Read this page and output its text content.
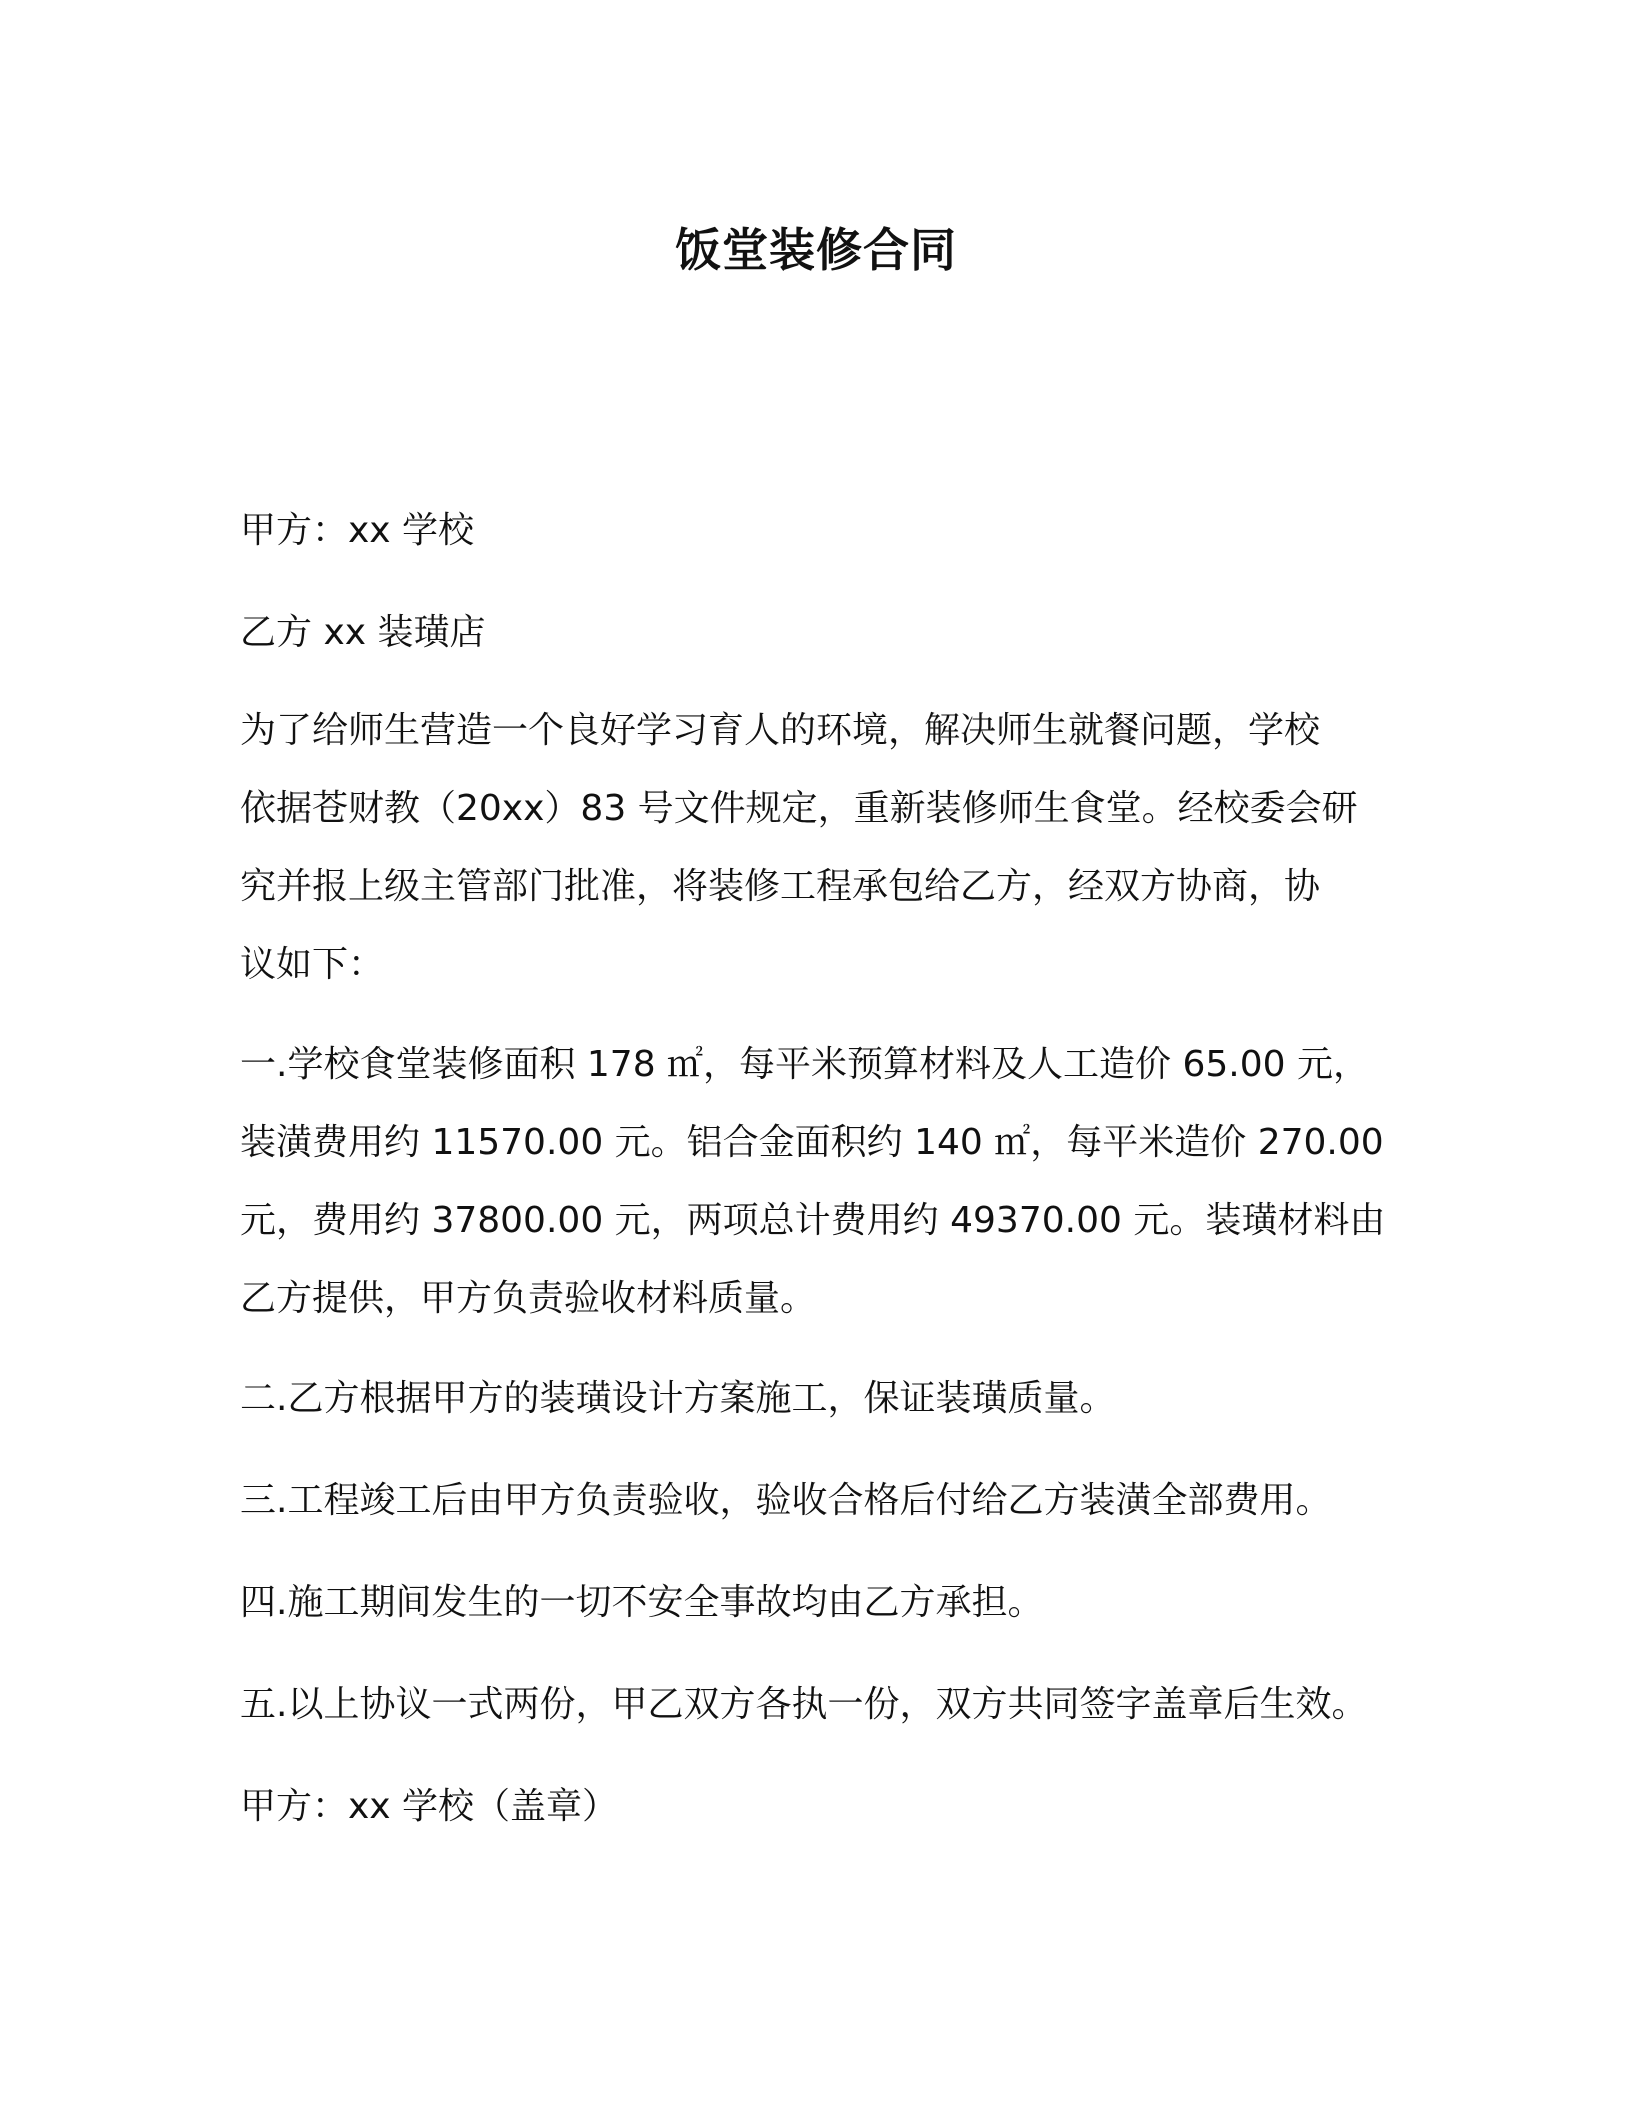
饭堂装修合同

甲方：xx 学校

乙方 xx 装璜店

为了给师生营造一个良好学习育人的环境，解决师生就餐问题，学校
依据苍财教（20xx）83 号文件规定，重新装修师生食堂。经校委会研
究并报上级主管部门批准，将装修工程承包给乙方，经双方协商，协
议如下：

一.学校食堂装修面积 178 ㎡，每平米预算材料及人工造价 65.00 元，
装潢费用约 11570.00 元。铝合金面积约 140 ㎡，每平米造价 270.00
元，费用约 37800.00 元，两项总计费用约 49370.00 元。装璜材料由
乙方提供，甲方负责验收材料质量。

二.乙方根据甲方的装璜设计方案施工，保证装璜质量。

三.工程竣工后由甲方负责验收，验收合格后付给乙方装潢全部费用。

四.施工期间发生的一切不安全事故均由乙方承担。

五.以上协议一式两份，甲乙双方各执一份，双方共同签字盖章后生效。

甲方：xx 学校（盖章）
